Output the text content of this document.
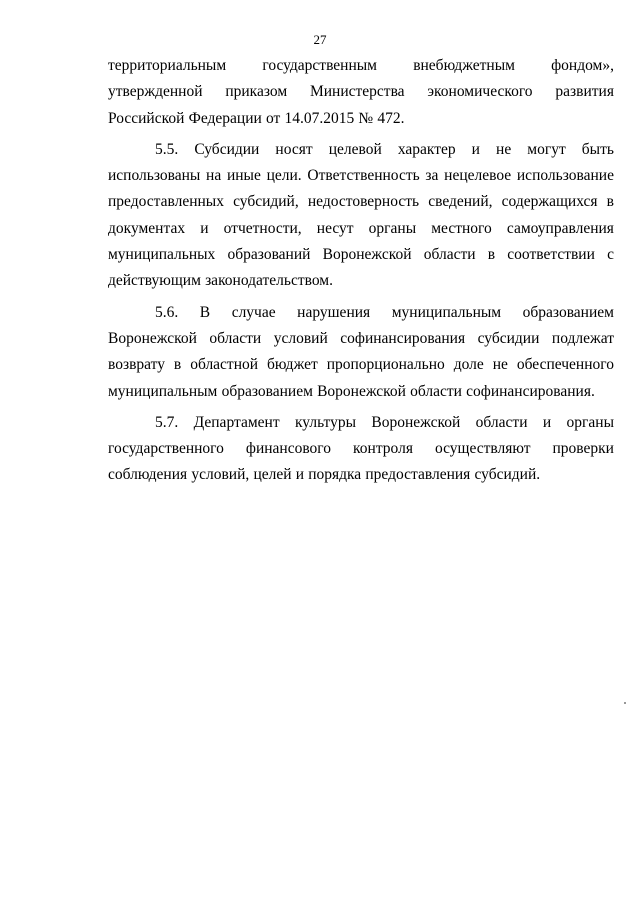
27
территориальным государственным внебюджетным фондом»,
утвержденной приказом Министерства экономического развития
Российской Федерации от 14.07.2015 № 472.
5.5. Субсидии носят целевой характер и не могут быть
использованы на иные цели. Ответственность за нецелевое использование
предоставленных субсидий, недостоверность сведений, содержащихся в
документах и отчетности, несут органы местного самоуправления
муниципальных образований Воронежской области в соответствии с
действующим законодательством.
5.6. В случае нарушения муниципальным образованием
Воронежской области условий софинансирования субсидии подлежат
возврату в областной бюджет пропорционально доле не обеспеченного
муниципальным образованием Воронежской области софинансирования.
5.7. Департамент культуры Воронежской области и органы
государственного финансового контроля осуществляют проверки
соблюдения условий, целей и порядка предоставления субсидий.
